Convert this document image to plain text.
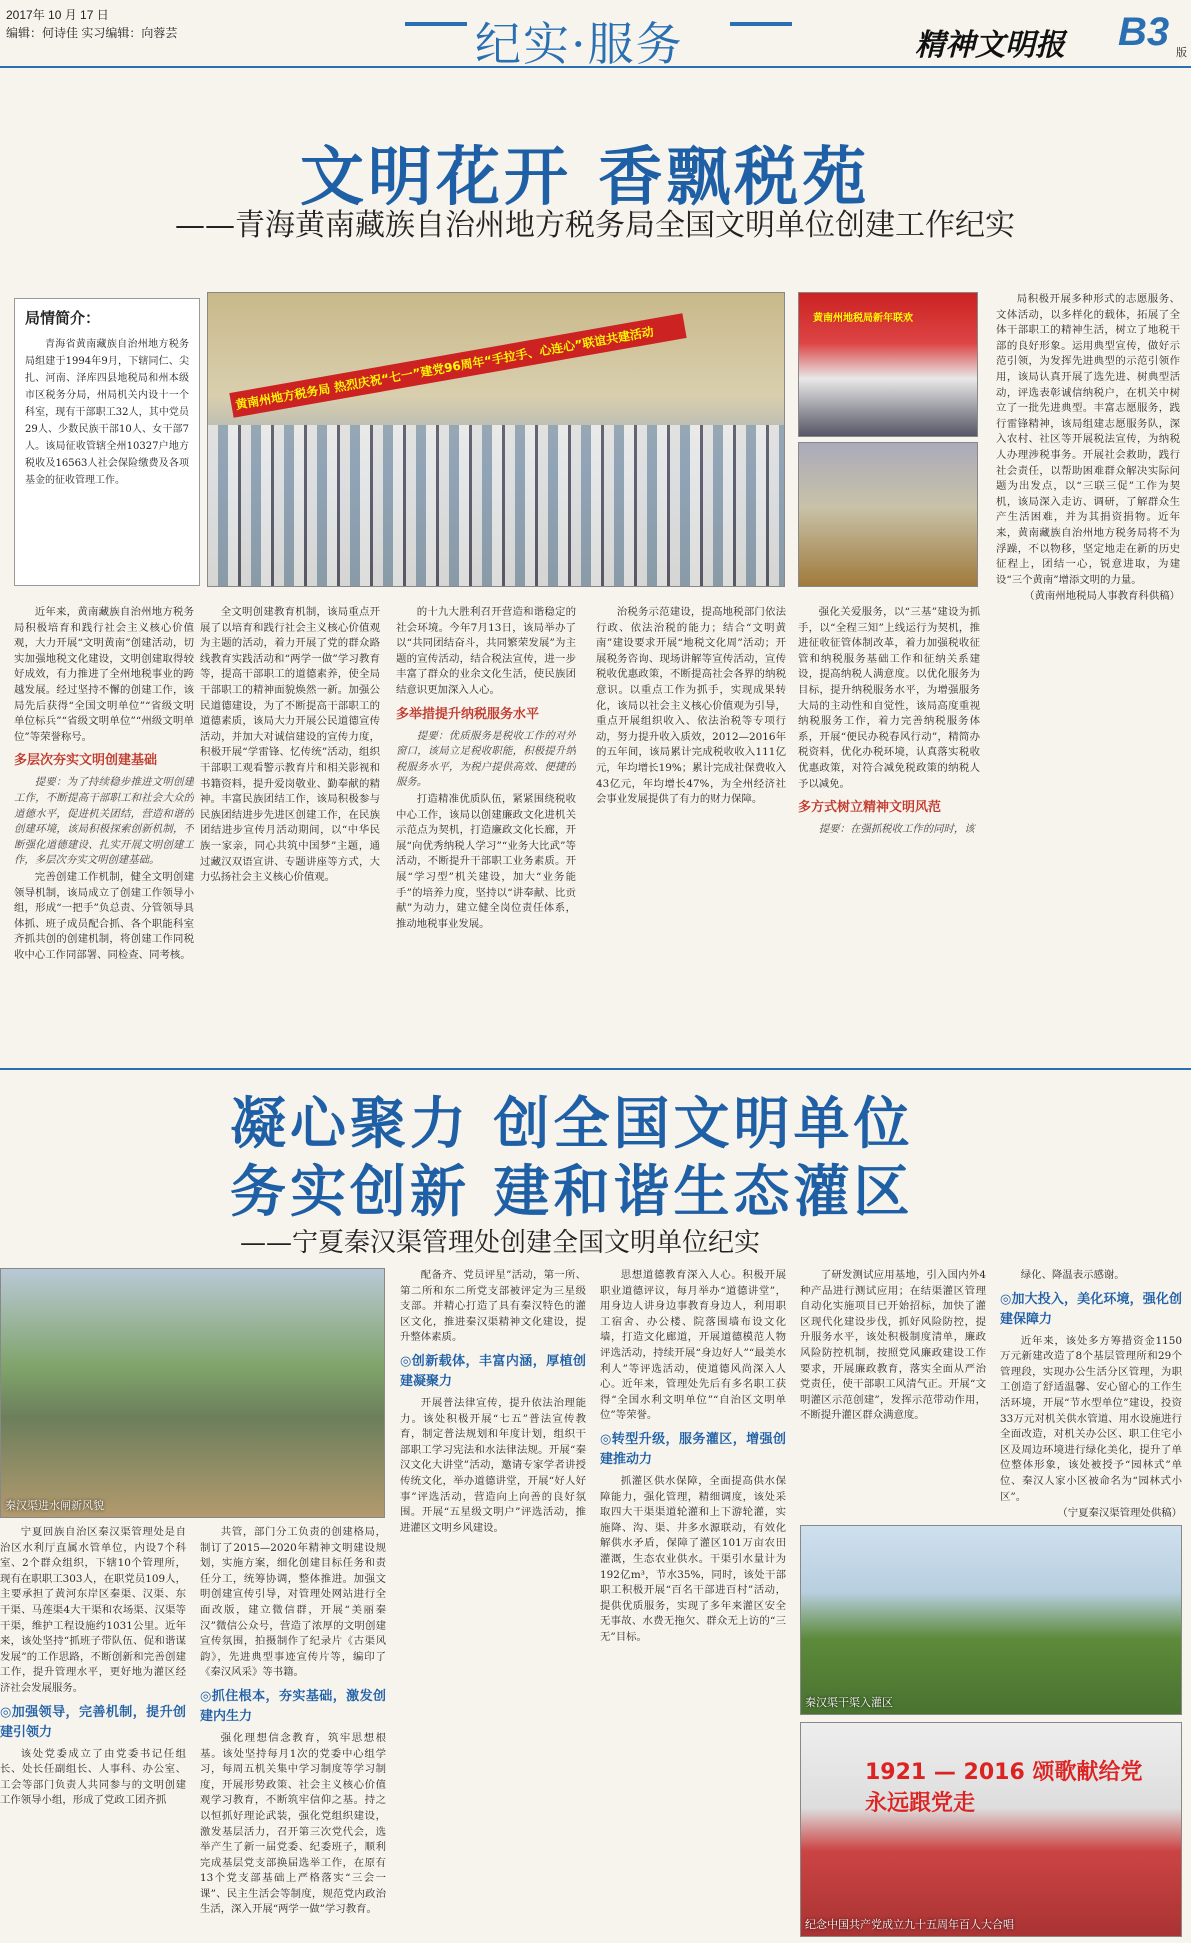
2017年 10 月 17 日
编辑：何诗佳 实习编辑：向蓉芸	纪实·服务	精神文明报 B3 版
文明花开 香飘税苑
——青海黄南藏族自治州地方税务局全国文明单位创建工作纪实
局情简介：
青海省黄南藏族自治州地方税务局组建于1994年9月，下辖同仁、尖扎、河南、泽库四县地税局和州本级市区税务分局，州局机关内设十一个科室，现有干部职工32人，其中党员29人、少数民族干部10人、女干部7人。该局征收管辖全州10327户地方税收及16563人社会保险缴费及各项基金的征收管理工作。
黄南州地方税务局 热烈庆祝“七一”建党96周年“手拉手、心连心”联谊共建活动
黄南州地税局新年联欢

近年来，黄南藏族自治州地方税务局积极培育和践行社会主义核心价值观，大力开展“文明黄南”创建活动，切实加强地税文化建设，文明创建取得较好成效，有力推进了全州地税事业的跨越发展。经过坚持不懈的创建工作，该局先后获得“全国文明单位”“省级文明单位标兵”“省级文明单位”“州级文明单位”等荣誉称号。

多层次夯实文明创建基础

提要：为了持续稳步推进文明创建工作，不断提高干部职工和社会大众的道德水平，促进机关团结，营造和谐的创建环境，该局积极探索创新机制，不断强化道德建设、扎实开展文明创建工作，多层次夯实文明创建基础。

完善创建工作机制，健全文明创建领导机制，该局成立了创建工作领导小组，形成“一把手”负总责、分管领导具体抓、班子成员配合抓、各个职能科室齐抓共创的创建机制，将创建工作同税收中心工作同部署、同检查、同考核。

全文明创建教育机制，该局重点开展了以培育和践行社会主义核心价值观为主题的活动，着力开展了党的群众路线教育实践活动和“两学一做”学习教育等，提高干部职工的道德素养，使全局干部职工的精神面貌焕然一新。加强公民道德建设，为了不断提高干部职工的道德素质，该局大力开展公民道德宣传活动，并加大对诚信建设的宣传力度，积极开展“学雷锋、忆传统”活动，组织干部职工观看警示教育片和相关影视和书籍资料，提升爱岗敬业、勤奉献的精神。丰富民族团结工作，该局积极参与民族团结进步先进区创建工作，在民族团结进步宣传月活动期间，以“中华民族一家亲，同心共筑中国梦”主题，通过藏汉双语宣讲、专题讲座等方式，大力弘扬社会主义核心价值观。

的十九大胜利召开营造和谐稳定的社会环境。今年7月13日，该局举办了以“共同团结奋斗，共同繁荣发展”为主题的宣传活动，结合税法宣传，进一步丰富了群众的业余文化生活，使民族团结意识更加深入人心。

多举措提升纳税服务水平

提要：优质服务是税收工作的对外窗口，该局立足税收职能，积极提升纳税服务水平，为税户提供高效、便捷的服务。

打造精准优质队伍，紧紧围绕税收中心工作，该局以创建廉政文化进机关示范点为契机，打造廉政文化长廊，开展“向优秀纳税人学习”“业务大比武”等活动，不断提升干部职工业务素质。开展“学习型”机关建设，加大“业务能手”的培养力度，坚持以“讲奉献、比贡献”为动力，建立健全岗位责任体系，推动地税事业发展。

治税务示范建设，提高地税部门依法行政、依法治税的能力；结合“文明黄南”建设要求开展“地税文化周”活动；开展税务咨询、现场讲解等宣传活动，宣传税收优惠政策，不断提高社会各界的纳税意识。以重点工作为抓手，实现成果转化，该局以社会主义核心价值观为引导，重点开展组织收入、依法治税等专项行动，努力提升收入质效，2012—2016年的五年间，该局累计完成税收收入111亿元，年均增长19%；累计完成社保费收入43亿元，年均增长47%，为全州经济社会事业发展提供了有力的财力保障。

强化关爱服务，以“三基”建设为抓手，以“全程三知”上线运行为契机，推进征收征管体制改革，着力加强税收征管和纳税服务基础工作和征纳关系建设，提高纳税人满意度。以优化服务为目标，提升纳税服务水平，为增强服务大局的主动性和自觉性，该局高度重视纳税服务工作，着力完善纳税服务体系，开展“便民办税春风行动”，精简办税资料，优化办税环境，认真落实税收优惠政策，对符合减免税政策的纳税人予以减免。

多方式树立精神文明风范

提要：在强抓税收工作的同时，该

局积极开展多种形式的志愿服务、文体活动，以多样化的载体，拓展了全体干部职工的精神生活，树立了地税干部的良好形象。运用典型宣传，做好示范引领，为发挥先进典型的示范引领作用，该局认真开展了选先进、树典型活动，评选表彰诚信纳税户，在机关中树立了一批先进典型。丰富志愿服务，践行雷锋精神，该局组建志愿服务队，深入农村、社区等开展税法宣传，为纳税人办理涉税事务。开展社会救助，践行社会责任，以帮助困难群众解决实际问题为出发点，以“三联三促”工作为契机，该局深入走访、调研，了解群众生产生活困难，并为其捐资捐物。近年来，黄南藏族自治州地方税务局将不为浮躁，不以物移，坚定地走在新的历史征程上，团结一心，锐意进取，为建设“三个黄南”增添文明的力量。

（黄南州地税局人事教育科供稿）

凝心聚力 创全国文明单位
务实创新 建和谐生态灌区
——宁夏秦汉渠管理处创建全国文明单位纪实
秦汉渠进水闸新风貌

宁夏回族自治区秦汉渠管理处是自治区水利厅直属水管单位，内设7个科室、2个群众组织，下辖10个管理所，现有在职职工303人，在职党员109人，主要承担了黄河东岸区秦渠、汉渠、东干渠、马莲渠4大干渠和农场渠、汉渠等干渠，维护工程设施约1031公里。近年来，该处坚持“抓班子带队伍、促和谐谋发展”的工作思路，不断创新和完善创建工作，提升管理水平，更好地为灌区经济社会发展服务。

◎加强领导，完善机制，提升创建引领力

该处党委成立了由党委书记任组长、处长任副组长、人事科、办公室、工会等部门负责人共同参与的文明创建工作领导小组，形成了党政工团齐抓

共管，部门分工负责的创建格局，制订了2015—2020年精神文明建设规划，实施方案，细化创建目标任务和责任分工，统筹协调，整体推进。加强文明创建宣传引导，对管理处网站进行全面改版，建立微信群，开展“美丽秦汉”微信公众号，营造了浓厚的文明创建宣传氛围，拍摄制作了纪录片《古渠风韵》，先进典型事迹宣传片等，编印了《秦汉风采》等书籍。

◎抓住根本，夯实基础，激发创建内生力

强化理想信念教育，筑牢思想根基。该处坚持每月1次的党委中心组学习，每周五机关集中学习制度等学习制度，开展形势政策、社会主义核心价值观学习教育，不断筑牢信仰之基。持之以恒抓好理论武装，强化党组织建设，激发基层活力，召开第三次党代会，选举产生了新一届党委、纪委班子，顺利完成基层党支部换届选举工作，在原有13个党支部基础上严格落实“三会一课”、民主生活会等制度，规范党内政治生活，深入开展“两学一做”学习教育。

配备齐、党员评星”活动，第一所、第二所和东二所党支部被评定为三星级支部。并精心打造了具有秦汉特色的灌区文化，推进秦汉渠精神文化建设，提升整体素质。

◎创新载体，丰富内涵，厚植创建凝聚力

开展普法律宣传，提升依法治理能力。该处积极开展“七五”普法宣传教育，制定普法规划和年度计划，组织干部职工学习宪法和水法律法规。开展“秦汉文化大讲堂”活动，邀请专家学者讲授传统文化，举办道德讲堂，开展“好人好事”评选活动，营造向上向善的良好氛围。开展“五星级文明户”评选活动，推进灌区文明乡风建设。

思想道德教育深入人心。积极开展职业道德评议，每月举办“道德讲堂”，用身边人讲身边事教育身边人，利用职工宿舍、办公楼、院落围墙布设文化墙，打造文化廊道，开展道德模范人物评选活动，持续开展“身边好人”“最美水利人”等评选活动，使道德风尚深入人心。近年来，管理处先后有多名职工获得“全国水利文明单位”“自治区文明单位”等荣誉。

◎转型升级，服务灌区，增强创建推动力

抓灌区供水保障，全面提高供水保障能力，强化管理，精细调度，该处采取四大干渠渠道轮灌和上下游轮灌，实施降、沟、渠、井多水源联动，有效化解供水矛盾，保障了灌区101万亩农田灌溉，生态农业供水。干渠引水量计为192亿m³，节水35%，同时，该处干部职工积极开展“百名干部进百村”活动，提供优质服务，实现了多年来灌区安全无事故、水费无拖欠、群众无上访的“三无”目标。

了研发测试应用基地，引入国内外4种产品进行测试应用；在结渠灌区管理自动化实施项目已开始招标，加快了灌区现代化建设步伐，抓好风险防控，提升服务水平，该处积极制度清单，廉政风险防控机制，按照党风廉政建设工作要求，开展廉政教育，落实全面从严治党责任，使干部职工风清气正。开展“文明灌区示范创建”，发挥示范带动作用，不断提升灌区群众满意度。

绿化、降温表示感谢。

◎加大投入，美化环境，强化创建保障力

近年来，该处多方筹措资金1150万元新建改造了8个基层管理所和29个管理段，实现办公生活分区管理，为职工创造了舒适温馨、安心留心的工作生活环境，开展“节水型单位”建设，投资33万元对机关供水管道、用水设施进行全面改造，对机关办公区、职工住宅小区及周边环境进行绿化美化，提升了单位整体形象，该处被授予“园林式”单位、秦汉人家小区被命名为“园林式小区”。

（宁夏秦汉渠管理处供稿）

秦汉渠干渠入灌区
1921 — 2016 颂歌献给党 永远跟党走
纪念中国共产党成立九十五周年百人大合唱
